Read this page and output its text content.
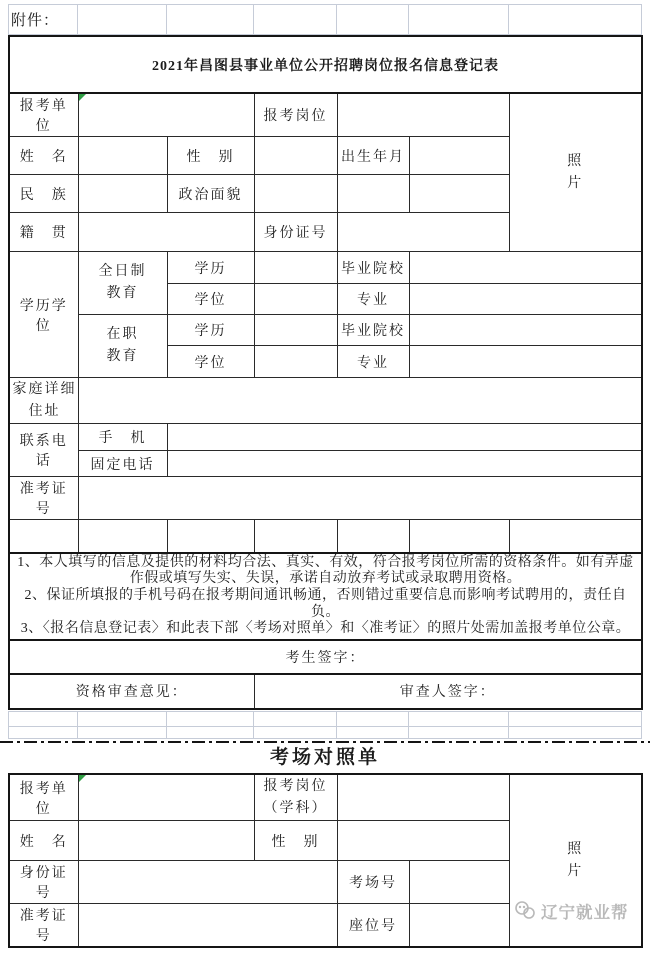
附件：						
2021年昌图县事业单位公开招聘岗位报名信息登记表						
报考单位			报考岗位			照片
姓　名		性　别		出生年月		
民　族		政治面貌				
籍　贯			身份证号			
学历学位	全日制教育	学历		毕业院校		
		学位		专业		
	在职教育	学历		毕业院校		
		学位		专业		
家庭详细住址						
联系电话	手　机					
	固定电话					
准考证号						

1、本人填写的信息及提供的材料均合法、真实、有效，符合报考岗位所需的资格条件。如有弄虚作假或填写失实、失误，承诺自动放弃考试或录取聘用资格。
2、保证所填报的手机号码在报考期间通讯畅通，否则错过重要信息而影响考试聘用的，责任自负。
3、〈报名信息登记表〉和此表下部〈考场对照单〉和〈准考证〉的照片处需加盖报考单位公章。						

考生签字：						
资格审查意见：			审查人签字：			

考场对照单
报考单位		报考岗位（学科）			照片
姓　名		性　别			
身份证号			考场号		
准考证号			座位号		
辽宁就业帮
